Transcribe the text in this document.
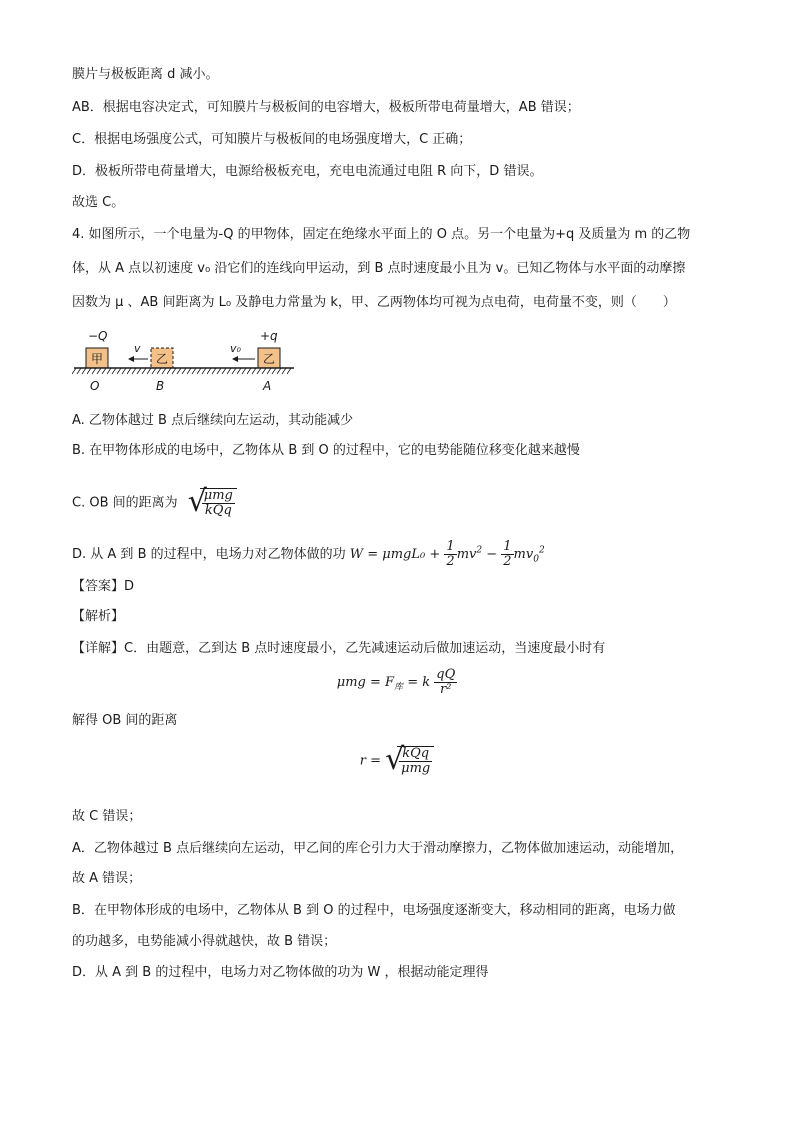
膜片与极板距离 d 减小。
AB．根据电容决定式，可知膜片与极板间的电容增大，极板所带电荷量增大，AB 错误；
C．根据电场强度公式，可知膜片与极板间的电场强度增大，C 正确；
D．极板所带电荷量增大，电源给极板充电，充电电流通过电阻 R 向下，D 错误。
故选 C。
4. 如图所示，一个电量为-Q 的甲物体，固定在绝缘水平面上的 O 点。另一个电量为+q 及质量为 m 的乙物
体，从 A 点以初速度 v₀ 沿它们的连线向甲运动，到 B 点时速度最小且为 v。已知乙物体与水平面的动摩擦
因数为 μ 、AB 间距离为 L₀ 及静电力常量为 k，甲、乙两物体均可视为点电荷，电荷量不变，则（　　）
−Q	+q
甲	乙	乙
v	v₀
O	B	A
A. 乙物体越过 B 点后继续向左运动，其动能减少
B. 在甲物体形成的电场中，乙物体从 B 到 O 的过程中，它的电势能随位移变化越来越慢
C. OB 间的距离为 √
$\frac{\text{μmg}}{\text{kQq}}$
D. 从 A 到 B 的过程中，电场力对乙物体做的功 $W = \mu mgL_0 + \frac{1}{2} mv^2 - \frac{1}{2} mv_0^2$
【答案】D
【解析】
【详解】C．由题意，乙到达 B 点时速度最小，乙先减速运动后做加速运动，当速度最小时有
$\mu mg = F_库 = k \frac{qQ}{\text{r²}}$
解得 OB 间的距离
r = √
$\frac{\text{kQq}}{\text{μmg}}$
故 C 错误；
A．乙物体越过 B 点后继续向左运动，甲乙间的库仑引力大于滑动摩擦力，乙物体做加速运动，动能增加，
故 A 错误；
B．在甲物体形成的电场中，乙物体从 B 到 O 的过程中，电场强度逐渐变大，移动相同的距离，电场力做
的功越多，电势能减小得就越快，故 B 错误；
D．从 A 到 B 的过程中，电场力对乙物体做的功为 W ，根据动能定理得
